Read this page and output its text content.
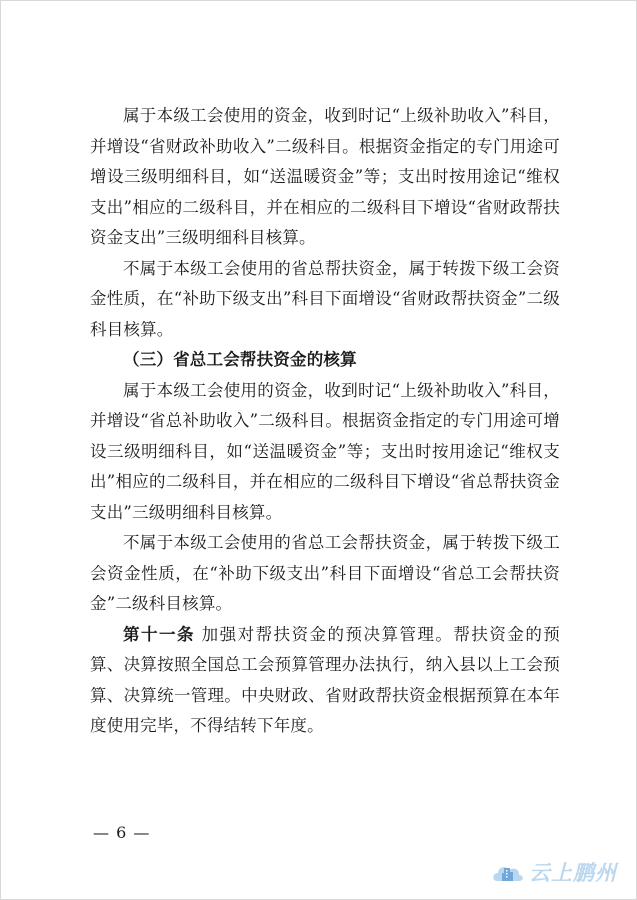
属于本级工会使用的资金，收到时记“上级补助收入”科目，并增设“省财政补助收入”二级科目。根据资金指定的专门用途可增设三级明细科目，如“送温暖资金”等；支出时按用途记“维权支出”相应的二级科目，并在相应的二级科目下增设“省财政帮扶资金支出”三级明细科目核算。

不属于本级工会使用的省总帮扶资金，属于转拨下级工会资金性质，在“补助下级支出”科目下面增设“省财政帮扶资金”二级科目核算。

（三）省总工会帮扶资金的核算

属于本级工会使用的资金，收到时记“上级补助收入”科目，并增设“省总补助收入”二级科目。根据资金指定的专门用途可增设三级明细科目，如“送温暖资金”等；支出时按用途记“维权支出”相应的二级科目，并在相应的二级科目下增设“省总帮扶资金支出”三级明细科目核算。

不属于本级工会使用的省总工会帮扶资金，属于转拨下级工会资金性质，在“补助下级支出”科目下面增设“省总工会帮扶资金”二级科目核算。

第十一条 加强对帮扶资金的预决算管理。帮扶资金的预算、决算按照全国总工会预算管理办法执行，纳入县以上工会预算、决算统一管理。中央财政、省财政帮扶资金根据预算在本年度使用完毕，不得结转下年度。

— 6 —
云上鹏州
